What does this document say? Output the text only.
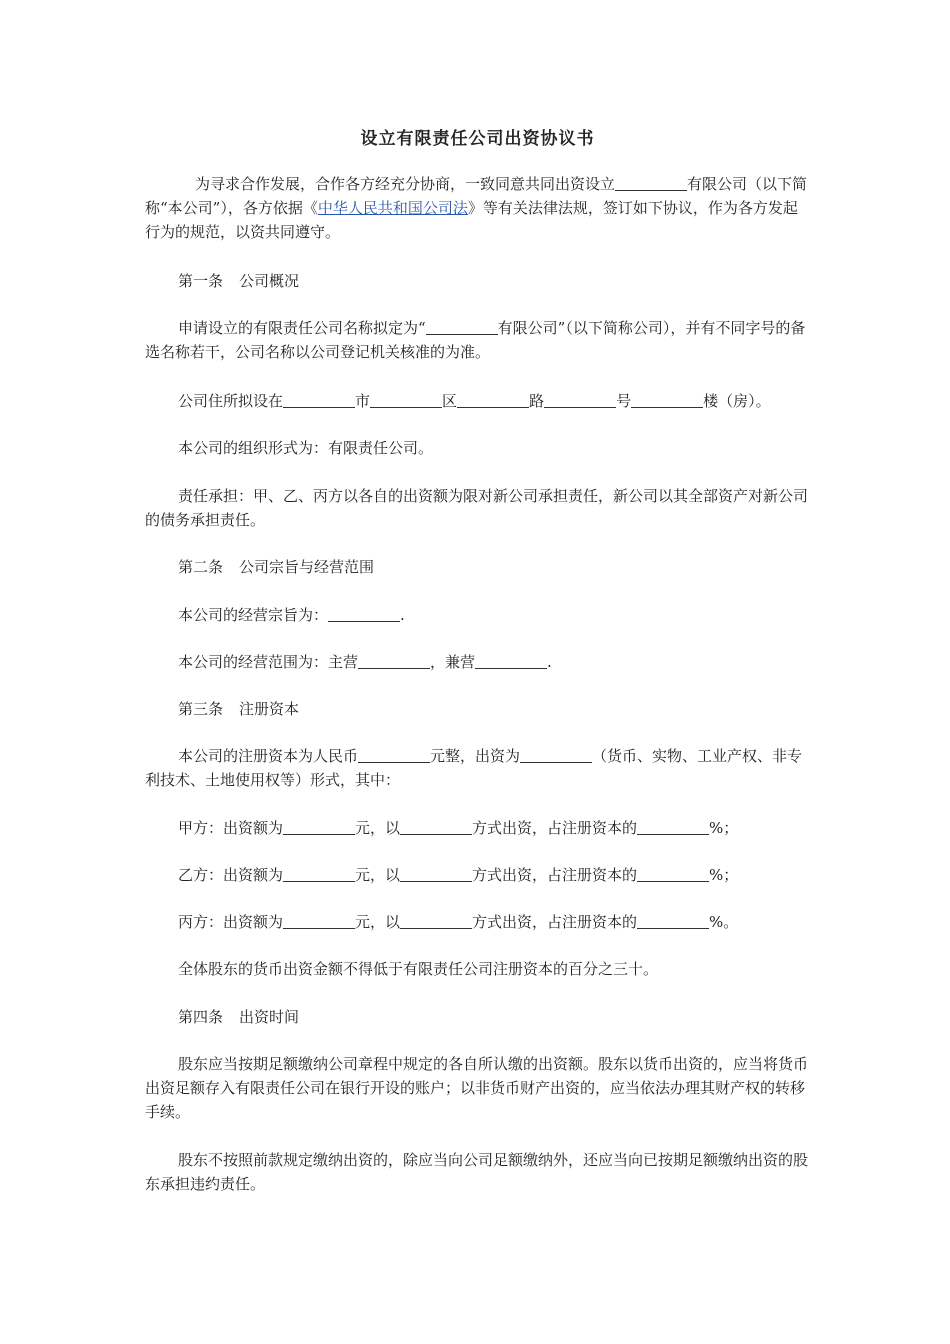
设立有限责任公司出资协议书
为寻求合作发展，合作各方经充分协商，一致同意共同出资设立	有限公司（以下简称“本公司”），各方依据《中华人民共和国公司法》等有关法律法规，签订如下协议，作为各方发起行为的规范，以资共同遵守。
第一条 公司概况
申请设立的有限责任公司名称拟定为“	有限公司”（以下简称公司），并有不同字号的备选名称若干，公司名称以公司登记机关核准的为准。
公司住所拟设在	市	区	路	号	楼（房）。
本公司的组织形式为：有限责任公司。
责任承担：甲、乙、丙方以各自的出资额为限对新公司承担责任，新公司以其全部资产对新公司的债务承担责任。
第二条 公司宗旨与经营范围
本公司的经营宗旨为：	.
本公司的经营范围为：主营	，兼营	.
第三条 注册资本
本公司的注册资本为人民币	元整，出资为	（货币、实物、工业产权、非专利技术、土地使用权等）形式，其中：
甲方：出资额为	元，以	方式出资，占注册资本的	%；
乙方：出资额为	元，以	方式出资，占注册资本的	%；
丙方：出资额为	元，以	方式出资，占注册资本的	%。
全体股东的货币出资金额不得低于有限责任公司注册资本的百分之三十。
第四条 出资时间
股东应当按期足额缴纳公司章程中规定的各自所认缴的出资额。股东以货币出资的，应当将货币出资足额存入有限责任公司在银行开设的账户；以非货币财产出资的，应当依法办理其财产权的转移手续。
股东不按照前款规定缴纳出资的，除应当向公司足额缴纳外，还应当向已按期足额缴纳出资的股东承担违约责任。
